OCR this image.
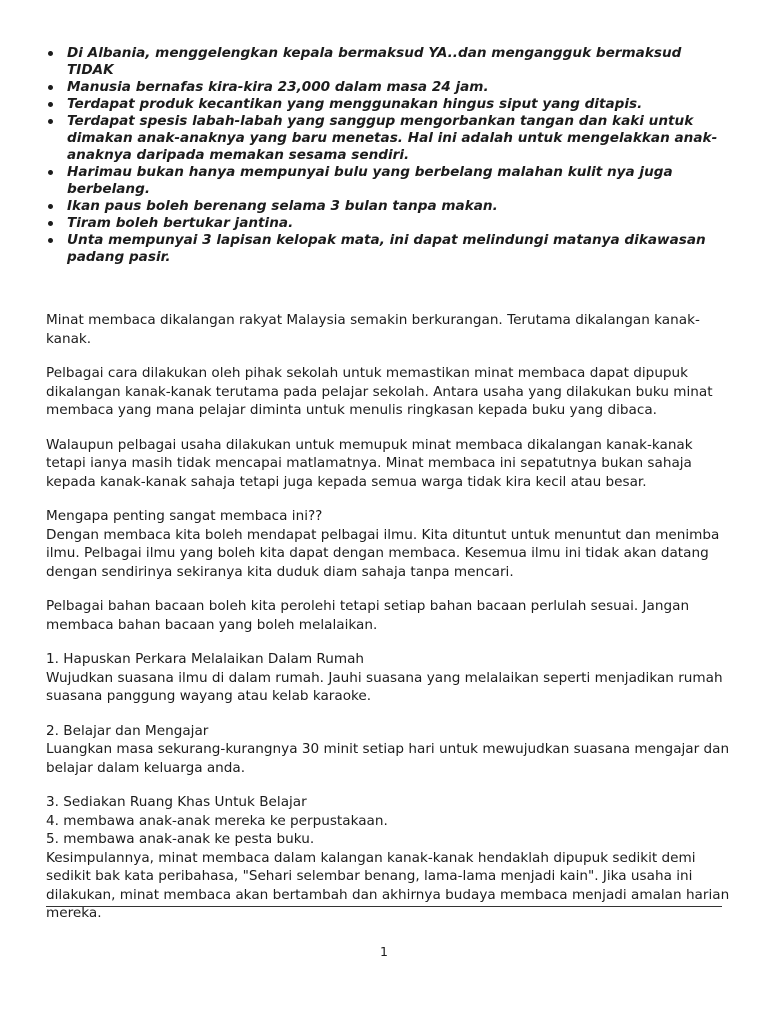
Di Albania, menggelengkan kepala bermaksud YA..dan mengangguk bermaksud TIDAK
Manusia bernafas kira-kira 23,000 dalam masa 24 jam.
Terdapat produk kecantikan yang menggunakan hingus siput yang ditapis.
Terdapat spesis labah-labah yang sanggup mengorbankan tangan dan kaki untuk dimakan anak-anaknya yang baru menetas. Hal ini adalah untuk mengelakkan anak-anaknya daripada memakan sesama sendiri.
Harimau bukan hanya mempunyai bulu yang berbelang malahan kulit nya juga berbelang.
Ikan paus boleh berenang selama 3 bulan tanpa makan.
Tiram boleh bertukar jantina.
Unta mempunyai 3 lapisan kelopak mata, ini dapat melindungi matanya dikawasan padang pasir.

Minat membaca dikalangan rakyat Malaysia semakin berkurangan. Terutama dikalangan kanak-kanak.

Pelbagai cara dilakukan oleh pihak sekolah untuk memastikan minat membaca dapat dipupuk dikalangan kanak-kanak terutama pada pelajar sekolah. Antara usaha yang dilakukan buku minat membaca yang mana pelajar diminta untuk menulis ringkasan kepada buku yang dibaca.

Walaupun pelbagai usaha dilakukan untuk memupuk minat membaca dikalangan kanak-kanak tetapi ianya masih tidak mencapai matlamatnya. Minat membaca ini sepatutnya bukan sahaja kepada kanak-kanak sahaja tetapi juga kepada semua warga tidak kira kecil atau besar.

Mengapa penting sangat membaca ini??
Dengan membaca kita boleh mendapat pelbagai ilmu. Kita dituntut untuk menuntut dan menimba ilmu. Pelbagai ilmu yang boleh kita dapat dengan membaca. Kesemua ilmu ini tidak akan datang dengan sendirinya sekiranya kita duduk diam sahaja tanpa mencari.

Pelbagai bahan bacaan boleh kita perolehi tetapi setiap bahan bacaan perlulah sesuai. Jangan membaca bahan bacaan yang boleh melalaikan.

1. Hapuskan Perkara Melalaikan Dalam Rumah
Wujudkan suasana ilmu di dalam rumah. Jauhi suasana yang melalaikan seperti menjadikan rumah suasana panggung wayang atau kelab karaoke.

2. Belajar dan Mengajar
Luangkan masa sekurang-kurangnya 30 minit setiap hari untuk mewujudkan suasana mengajar dan belajar dalam keluarga anda.

3. Sediakan Ruang Khas Untuk Belajar
4. membawa anak-anak mereka ke perpustakaan.
5. membawa anak-anak ke pesta buku.
Kesimpulannya, minat membaca dalam kalangan kanak-kanak hendaklah dipupuk sedikit demi sedikit bak kata peribahasa, "Sehari selembar benang, lama-lama menjadi kain". Jika usaha ini dilakukan, minat membaca akan bertambah dan akhirnya budaya membaca menjadi amalan harian mereka.

1
